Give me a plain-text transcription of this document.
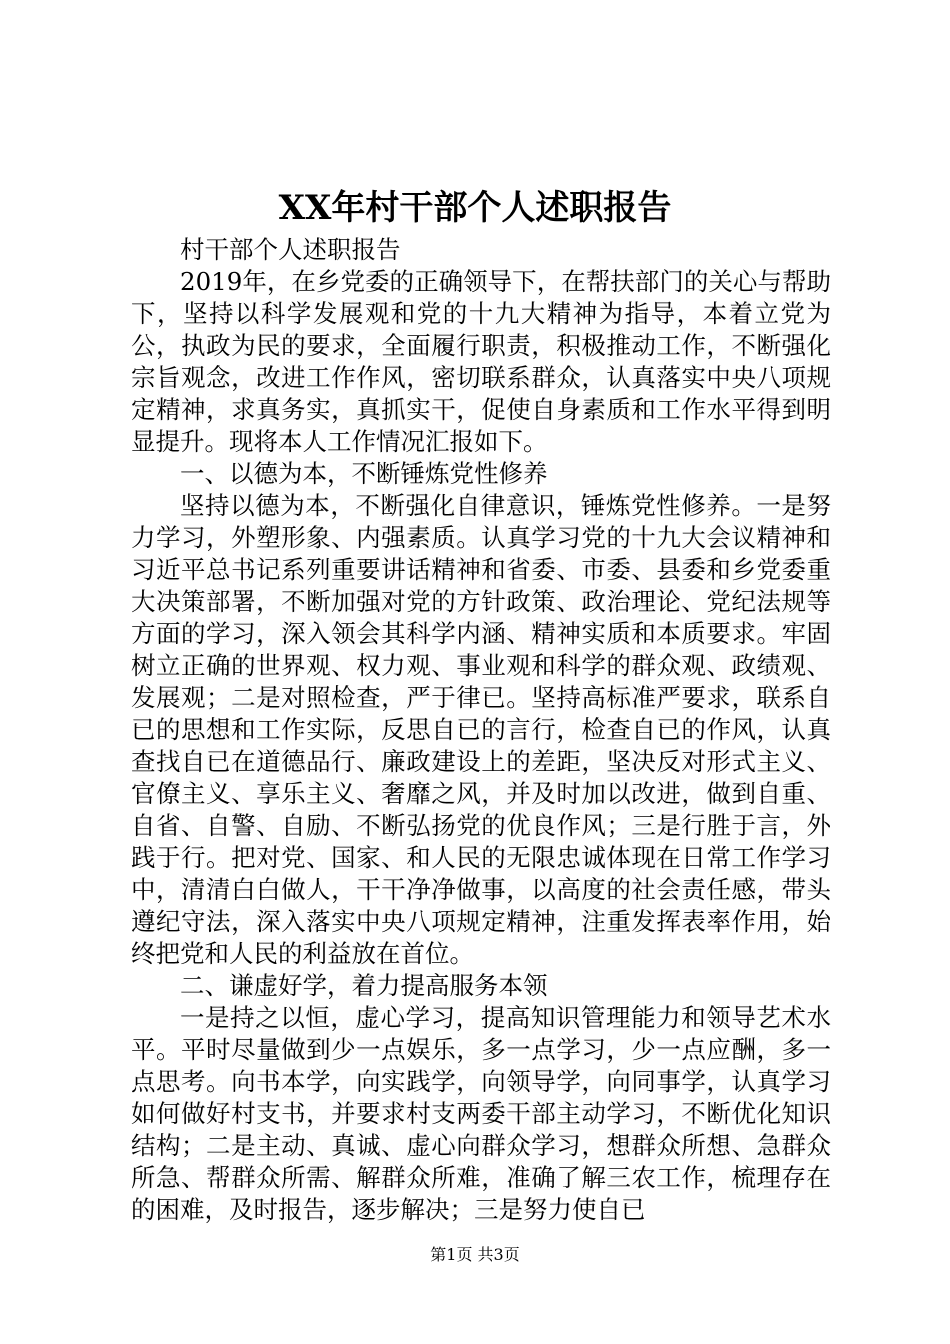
XX年村干部个人述职报告

村干部个人述职报告

2019年，在乡党委的正确领导下，在帮扶部门的关心与帮助下，坚持以科学发展观和党的十九大精神为指导，本着立党为公，执政为民的要求，全面履行职责，积极推动工作，不断强化宗旨观念，改进工作作风，密切联系群众，认真落实中央八项规定精神，求真务实，真抓实干，促使自身素质和工作水平得到明显提升。现将本人工作情况汇报如下。

一、以德为本，不断锤炼党性修养

坚持以德为本，不断强化自律意识，锤炼党性修养。一是努力学习，外塑形象、内强素质。认真学习党的十九大会议精神和习近平总书记系列重要讲话精神和省委、市委、县委和乡党委重大决策部署，不断加强对党的方针政策、政治理论、党纪法规等方面的学习，深入领会其科学内涵、精神实质和本质要求。牢固树立正确的世界观、权力观、事业观和科学的群众观、政绩观、发展观；二是对照检查，严于律已。坚持高标准严要求，联系自已的思想和工作实际，反思自已的言行，检查自已的作风，认真查找自已在道德品行、廉政建设上的差距，坚决反对形式主义、官僚主义、享乐主义、奢靡之风，并及时加以改进，做到自重、自省、自警、自励、不断弘扬党的优良作风；三是行胜于言，外践于行。把对党、国家、和人民的无限忠诚体现在日常工作学习中，清清白白做人，干干净净做事，以高度的社会责任感，带头遵纪守法，深入落实中央八项规定精神，注重发挥表率作用，始终把党和人民的利益放在首位。

二、谦虚好学，着力提高服务本领

一是持之以恒，虚心学习，提高知识管理能力和领导艺术水平。平时尽量做到少一点娱乐，多一点学习，少一点应酬，多一点思考。向书本学，向实践学，向领导学，向同事学，认真学习如何做好村支书，并要求村支两委干部主动学习，不断优化知识结构；二是主动、真诚、虚心向群众学习，想群众所想、急群众所急、帮群众所需、解群众所难，准确了解三农工作，梳理存在的困难，及时报告，逐步解决；三是努力使自已

第1页 共3页
